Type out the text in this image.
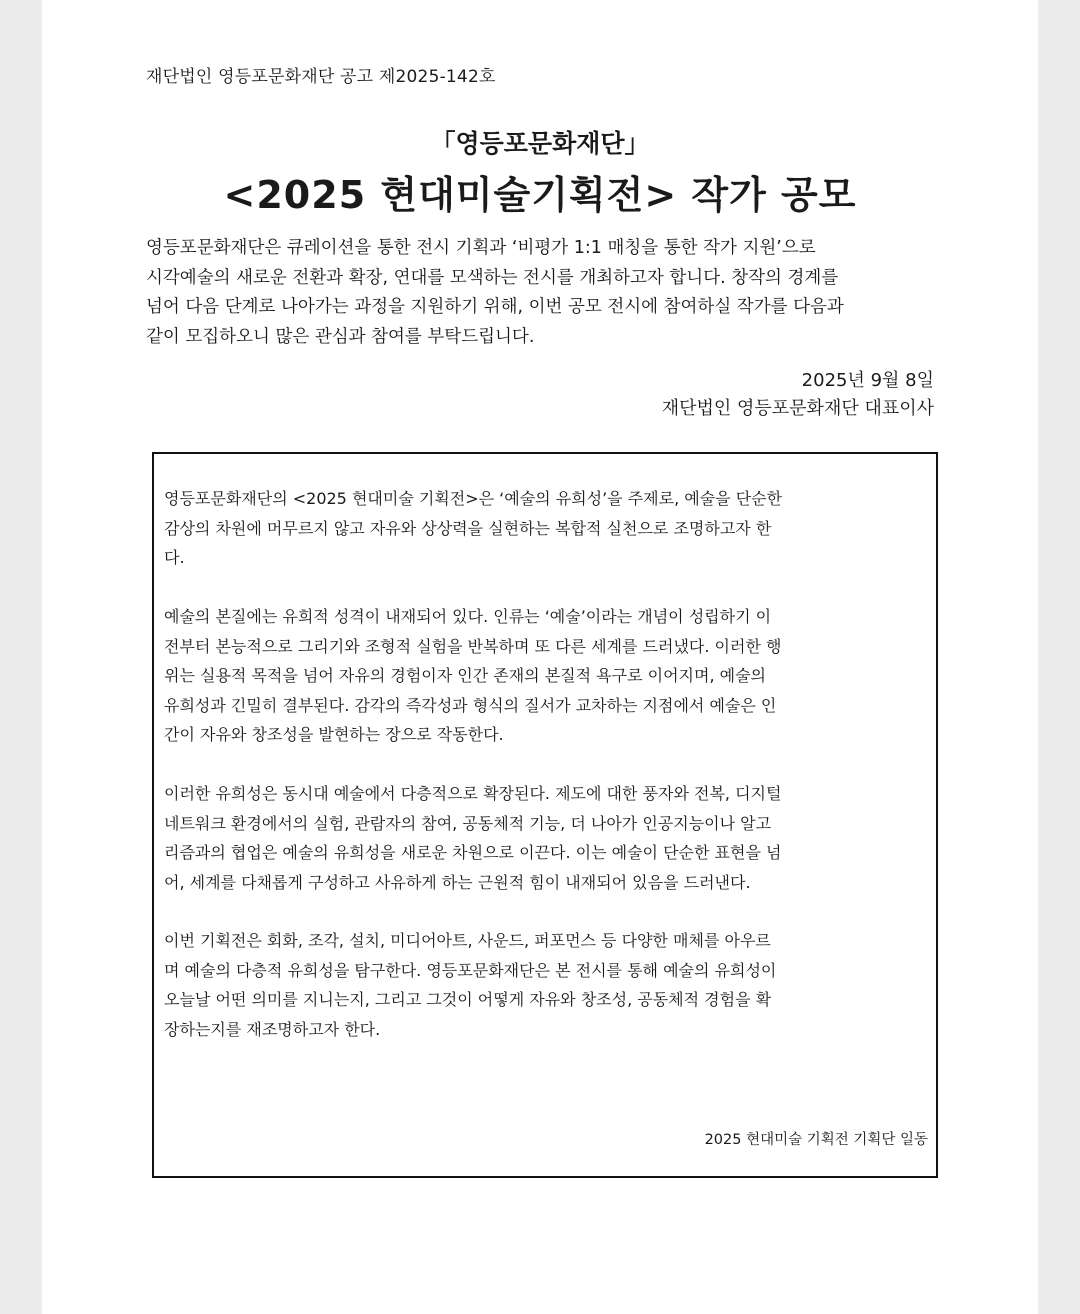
재단법인 영등포문화재단 공고 제2025-142호
「영등포문화재단」
<2025 현대미술기획전> 작가 공모
영등포문화재단은 큐레이션을 통한 전시 기획과 ‘비평가 1:1 매칭을 통한 작가 지원’으로
시각예술의 새로운 전환과 확장, 연대를 모색하는 전시를 개최하고자 합니다. 창작의 경계를
넘어 다음 단계로 나아가는 과정을 지원하기 위해, 이번 공모 전시에 참여하실 작가를 다음과
같이 모집하오니 많은 관심과 참여를 부탁드립니다.
2025년 9월 8일
재단법인 영등포문화재단 대표이사
영등포문화재단의 <2025 현대미술 기획전>은 ‘예술의 유희성’을 주제로, 예술을 단순한
감상의 차원에 머무르지 않고 자유와 상상력을 실현하는 복합적 실천으로 조명하고자 한
다.
예술의 본질에는 유희적 성격이 내재되어 있다. 인류는 ‘예술’이라는 개념이 성립하기 이
전부터 본능적으로 그리기와 조형적 실험을 반복하며 또 다른 세계를 드러냈다. 이러한 행
위는 실용적 목적을 넘어 자유의 경험이자 인간 존재의 본질적 욕구로 이어지며, 예술의
유희성과 긴밀히 결부된다. 감각의 즉각성과 형식의 질서가 교차하는 지점에서 예술은 인
간이 자유와 창조성을 발현하는 장으로 작동한다.
이러한 유희성은 동시대 예술에서 다층적으로 확장된다. 제도에 대한 풍자와 전복, 디지털
네트워크 환경에서의 실험, 관람자의 참여, 공동체적 기능, 더 나아가 인공지능이나 알고
리즘과의 협업은 예술의 유희성을 새로운 차원으로 이끈다. 이는 예술이 단순한 표현을 넘
어, 세계를 다채롭게 구성하고 사유하게 하는 근원적 힘이 내재되어 있음을 드러낸다.
이번 기획전은 회화, 조각, 설치, 미디어아트, 사운드, 퍼포먼스 등 다양한 매체를 아우르
며 예술의 다층적 유희성을 탐구한다. 영등포문화재단은 본 전시를 통해 예술의 유희성이
오늘날 어떤 의미를 지니는지, 그리고 그것이 어떻게 자유와 창조성, 공동체적 경험을 확
장하는지를 재조명하고자 한다.
2025 현대미술 기획전 기획단 일동
